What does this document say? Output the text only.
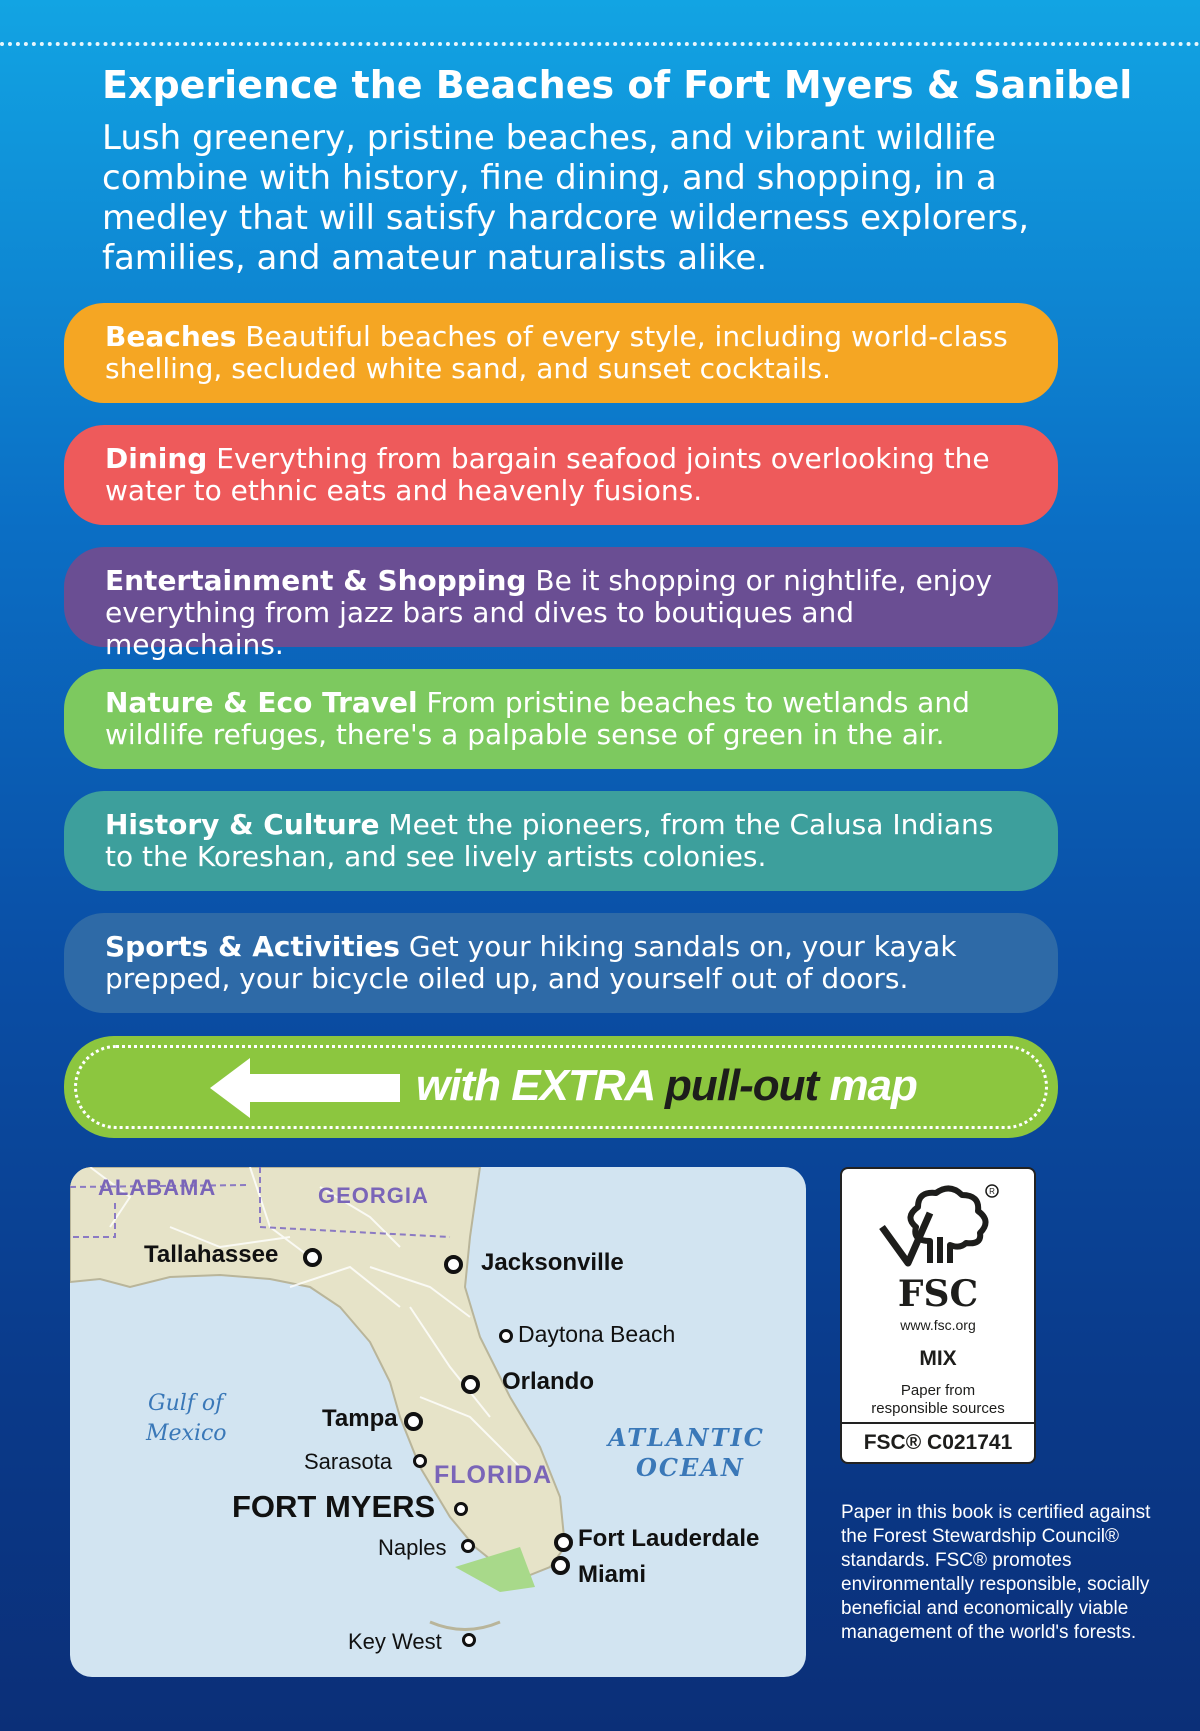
Experience the Beaches of Fort Myers & Sanibel

Lush greenery, pristine beaches, and vibrant wildlife combine with history, fine dining, and shopping, in a medley that will satisfy hardcore wilderness explorers, families, and amateur naturalists alike.

Beaches Beautiful beaches of every style, including world-class shelling, secluded white sand, and sunset cocktails.
Dining Everything from bargain seafood joints overlooking the water to ethnic eats and heavenly fusions.
Entertainment & Shopping Be it shopping or nightlife, enjoy everything from jazz bars and dives to boutiques and megachains.
Nature & Eco Travel From pristine beaches to wetlands and wildlife refuges, there's a palpable sense of green in the air.
History & Culture Meet the pioneers, from the Calusa Indians to the Koreshan, and see lively artists colonies.
Sports & Activities Get your hiking sandals on, your kayak prepped, your bicycle oiled up, and yourself out of doors.
with EXTRA pull-out map
ALABAMA	GEORGIA
FLORIDA
Gulf of
Mexico	ATLANTIC
OCEAN
Tallahassee	Jacksonville
Daytona Beach
Orlando
Tampa
Sarasota
FORT MYERS
Naples	Fort Lauderdale
Miami
Key West
R
FSC
www.fsc.org
MIX
Paper from
responsible sources
FSC® C021741

Paper in this book is certified against the Forest Stewardship Council® standards. FSC® promotes environmentally responsible, socially beneficial and economically viable management of the world's forests.
